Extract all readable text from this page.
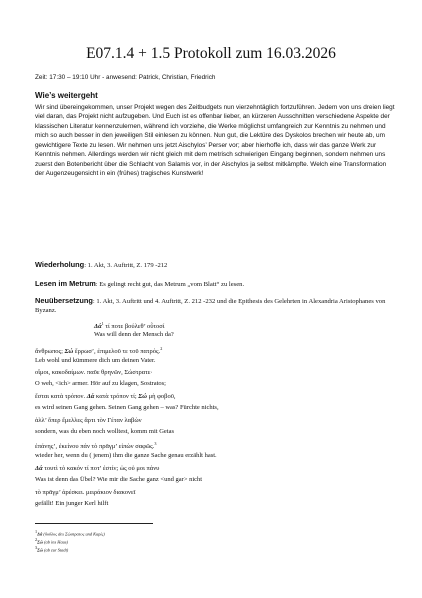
E07.1.4 + 1.5 Protokoll zum 16.03.2026
Zeit: 17:30 – 19:10 Uhr - anwesend: Patrick, Christian, Friedrich
Wie’s weitergeht

Wir sind übereingekommen, unser Projekt wegen des Zeitbudgets nun vierzehntäglich fortzuführen. Jedem von uns dreien liegt viel daran, das Projekt nicht aufzugeben. Und Euch ist es offenbar lieber, an kürzeren Ausschnitten verschiedene Aspekte der klassischen Literatur kennenzulernen, während ich vorziehe, die Werke möglichst umfangreich zur Kenntnis zu nehmen und mich so auch besser in den jeweiligen Stil einlesen zu können. Nun gut, die Lektüre des Dyskolos brechen wir heute ab, um gewichtigere Texte zu lesen. Wir nehmen uns jetzt Aischylos’ Perser vor; aber hierhoffe ich, dass wir das ganze Werk zur Kenntnis nehmen. Allerdings werden wir nicht gleich mit dem metrisch schwierigen Eingang beginnen, sondern nehmen uns zuerst den Botenbericht über die Schlacht von Salamis vor, in der Aischylos ja selbst mitkämpfte. Welch eine Transformation der Augenzeugensicht in ein (frühes) tragisches Kunstwerk!

Wiederholung: 1. Akt, 3. Auftritt, Z. 179 -212
Lesen im Metrum: Es gelingt recht gut, das Metrum „vom Blatt“ zu lesen.
Neuübersetzung: 1. Akt, 3. Auftritt und 4. Auftritt, Z. 212 -232 und die Epithesis des Gelehrten in Alexandria Aristophanes von Byzanz.
$\Delta ά^1$ τί ποτε βούλεθ’ οὗτοσί
Was will denn der Mensch da?
ἄνθρωπος; Σώ ἔρρωσ’, ἐπιμελοῦ τε τοῦ πατρός.$^2$
Leb wohl und kümmere dich um deinen Vater.
οἴμοι, κακοδαίμων. παῦε θρηνῶν, Σώστρατε·
O weh, <ich> armer. Hör auf zu klagen, Sostratos;
ἔσται κατὰ τρόπον. Δά κατὰ τρόπον τί; Σώ μὴ φοβοῦ,
es wird seinen Gang gehen. Seinen Gang gehen – was? Fürchte nichts,
ἀλλ’ ὅπερ ἔμελλες ἄρτι τὸν Γέταν λαβὼν
sondern, was du eben noch wolltest, komm mit Getas
ἐπάνης’, ἐκείνου πάν τὸ πρᾶγμ’ εἰπὼν σαφῶς.$^3$
wieder her, wenn du ( jenem) ihm die ganze Sache genau erzählt hast.
Δά τουτὶ τὸ κακόν τί ποτ’ ἐστίν; ὡς οὐ μοι πάνυ
Was ist denn das Übel? Wie mir die Sache ganz <und gar> nicht
τὸ πρᾶγμ’ ἀρέσκει. μειράκιον διακονεῖ
gefällt! Ein junger Kerl hilft
1Δά (δοῦλος des Σώστρατος und Καρίς)
2Σώ (ab ins Haus)
3Σώ (ab zur Stadt)
